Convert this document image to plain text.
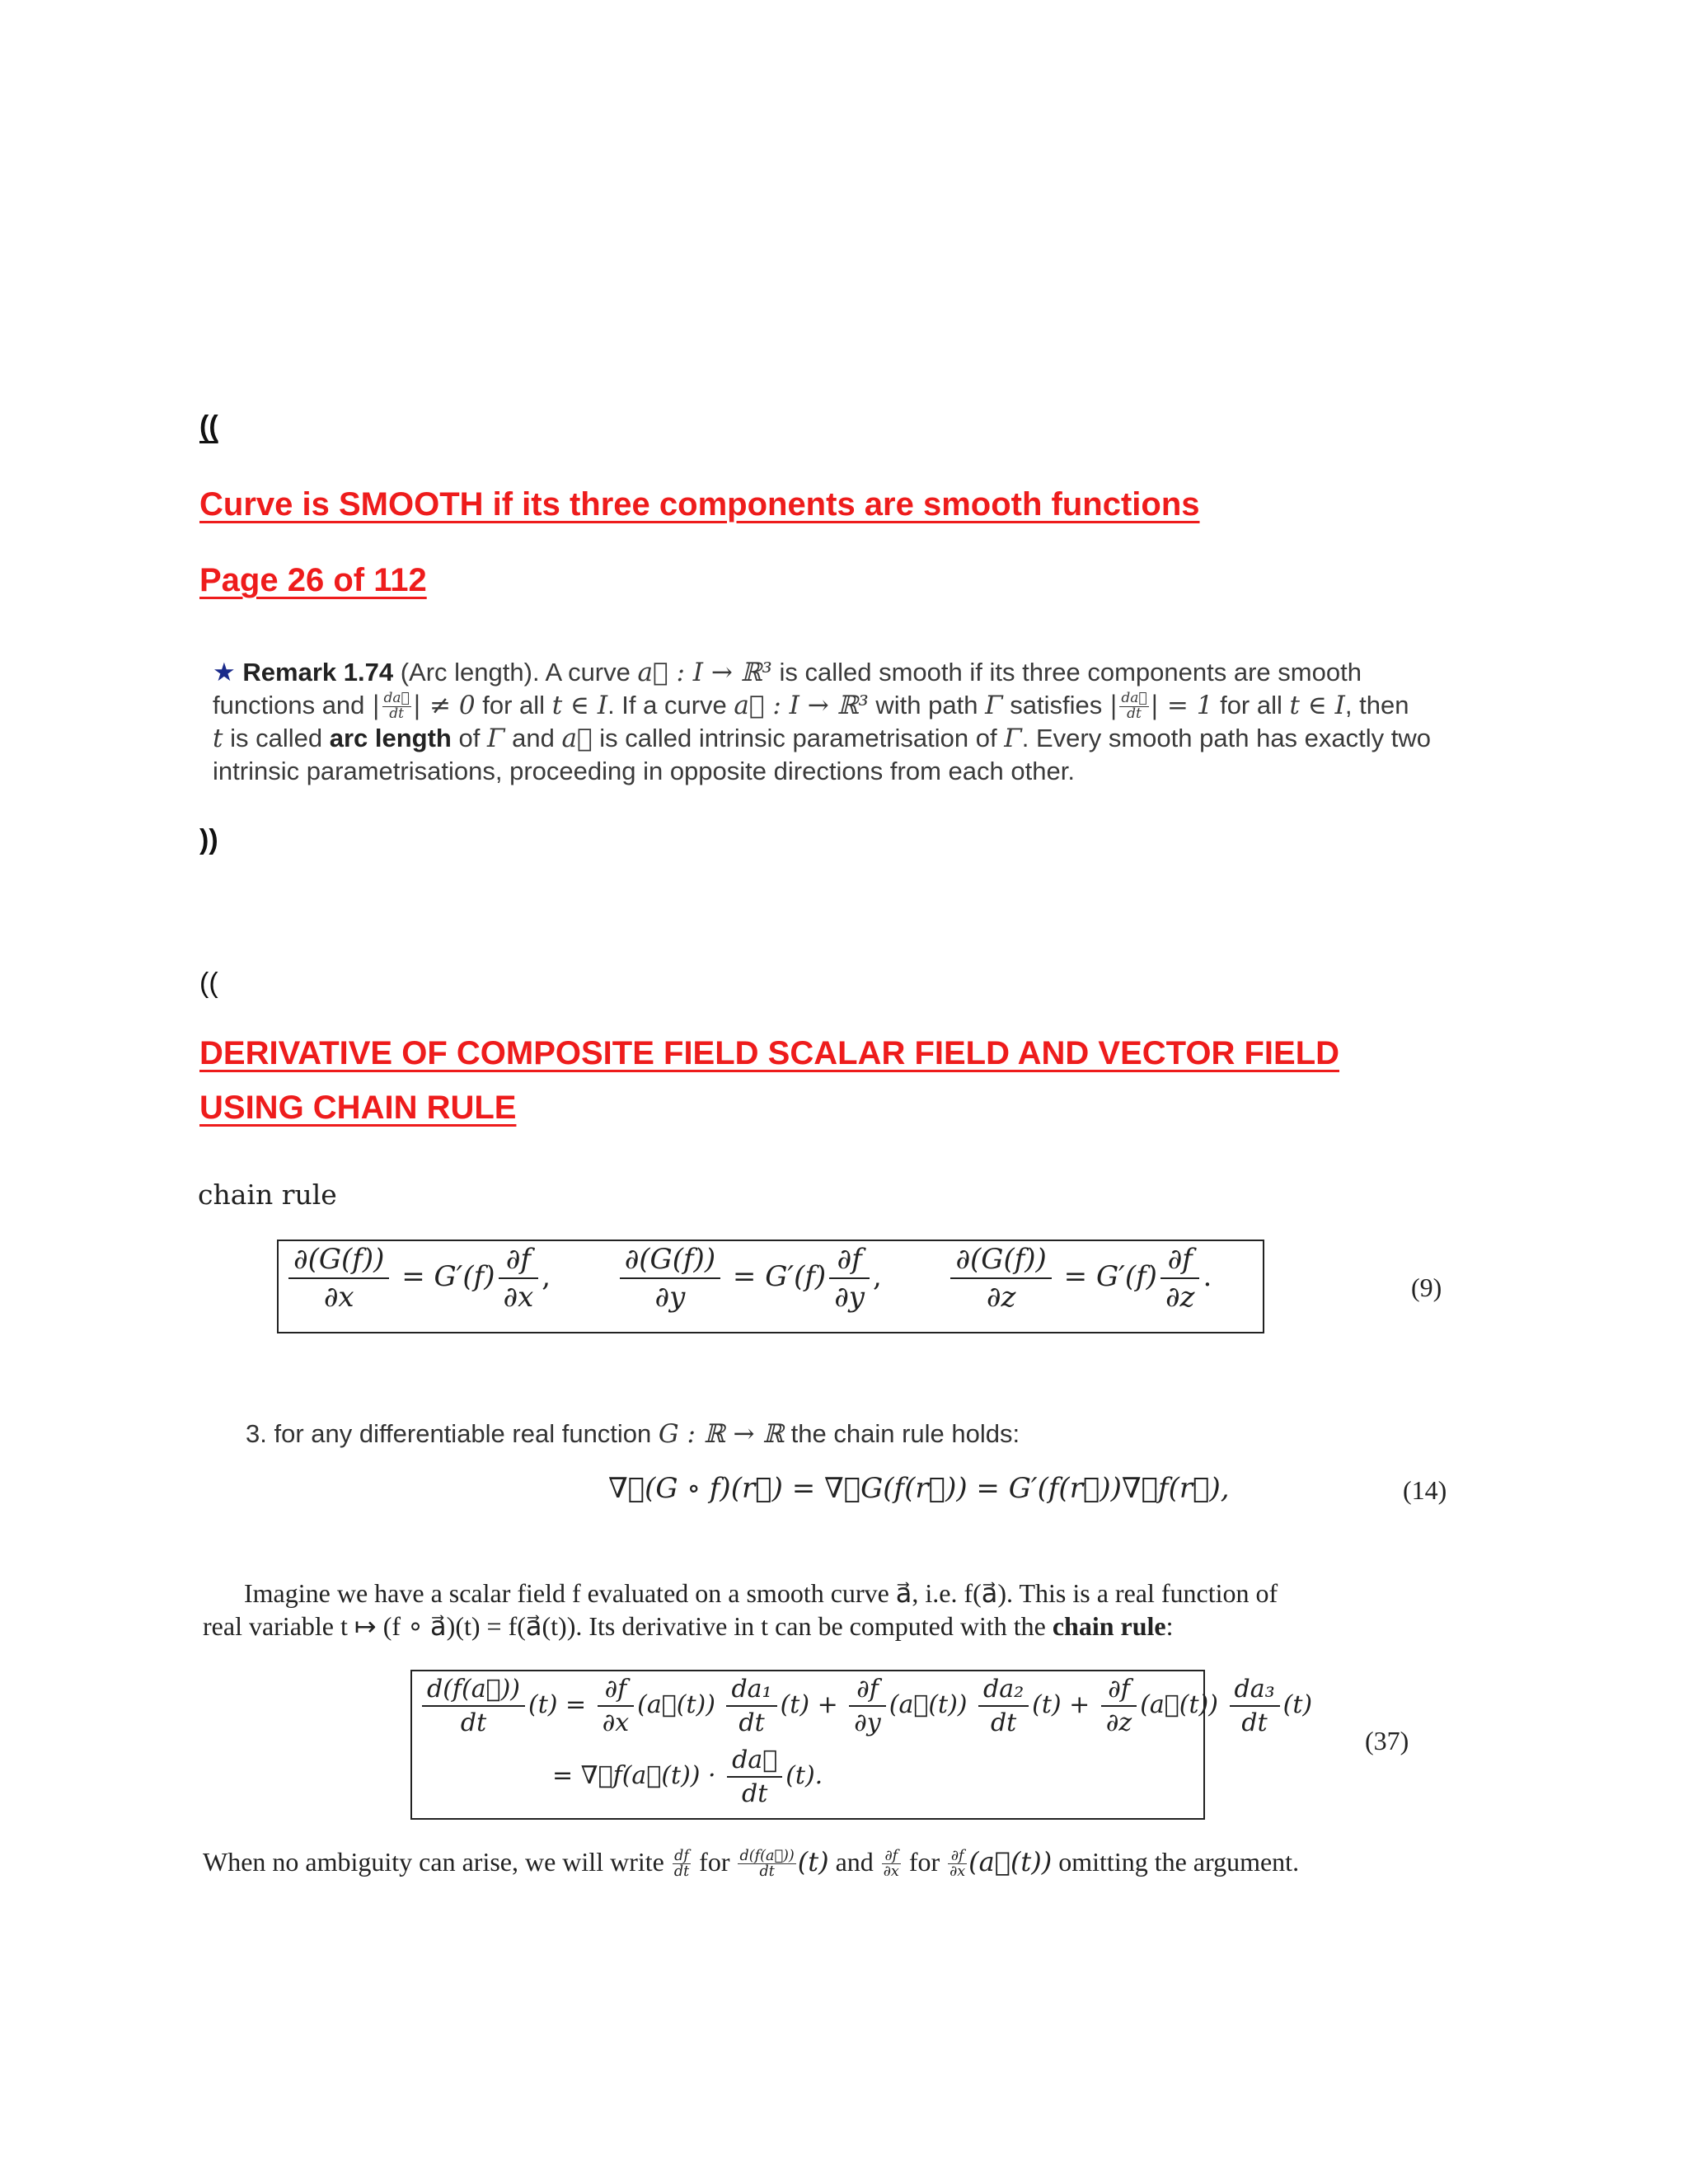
((
Curve is SMOOTH if its three components are smooth functions
Page 26 of 112
★ Remark 1.74 (Arc length). A curve a⃗ : I → ℝ³ is called smooth if its three components are smooth
functions and | $\frac{da⃗}{dt}$ | ≠ 0 for all t ∈ I. If a curve a⃗ : I → ℝ³ with path Γ satisfies | $\frac{da⃗}{dt}$ | = 1 for all t ∈ I, then
t is called arc length of Γ and a⃗ is called intrinsic parametrisation of Γ. Every smooth path has exactly two
intrinsic parametrisations, proceeding in opposite directions from each other.
))
((
DERIVATIVE OF COMPOSITE FIELD SCALAR FIELD AND VECTOR FIELD
USING CHAIN RULE
chain rule
$\frac{\partial(G(f))}{\partial x} = G'(f) \frac{\partial f}{\partial x}$ , $\frac{\partial(G(f))}{\partial y} = G'(f) \frac{\partial f}{\partial y}$ , $\frac{\partial(G(f))}{\partial z} = G'(f) \frac{\partial f}{\partial z}$ .	(9)
3. for any differentiable real function G : ℝ → ℝ the chain rule holds:
∇⃗(G ∘ f)(r⃗) = ∇⃗G(f(r⃗)) = G′(f(r⃗))∇⃗f(r⃗),	(14)
Imagine we have a scalar field f evaluated on a smooth curve a⃗, i.e. f(a⃗). This is a real function of
real variable t ↦ (f ∘ a⃗)(t) = f(a⃗(t)). Its derivative in t can be computed with the chain rule:
$\frac{d(f(a⃗))}{dt} (t) = \frac{\partial f}{\partial x}$ (a⃗(t)) $\frac{\text{da₁}}{dt} (t) + \frac{\partial f}{\partial y}$ (a⃗(t)) $\frac{\text{da₂}}{dt} (t) + \frac{\partial f}{\partial z}$ (a⃗(t)) $\frac{\text{da₃}}{dt} (t)$
= ∇⃗f(a⃗(t)) · $\frac{da⃗}{dt} (t)$.
(37)
When no ambiguity can arise, we will write $\frac{df}{dt}$ for $\frac{d(f(a⃗))}{dt} (t)$ and $\frac{\partial f}{\partial x}$ for $\frac{\partial f}{\partial x}$ (a⃗(t)) omitting the argument.
